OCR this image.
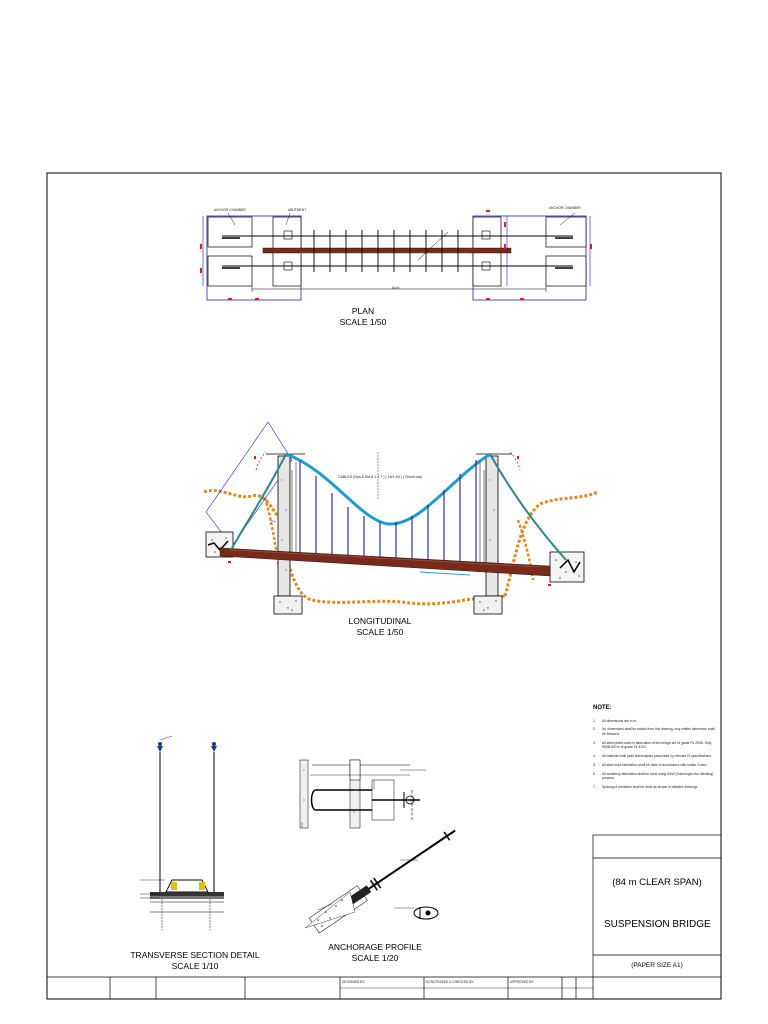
ANCHOR CHAMBER	ABUTMENT	ANCHOR CHAMBER
84 m
CABLES (Nos.8 Dia.8 1 4 T ) ( 16/1.5/t ) ( 20mm dia)
PLAN
SCALE 1/50
LONGITUDINAL
SCALE 1/50
TRANSVERSE SECTION DETAIL
SCALE 1/10
ANCHORAGE PROFILE
SCALE 1/20
NOTE:
1.	All dimensions are in m.
2.	No dimensions shall be scaled from this drawing, only written dimension shall be followed.
3.	All steel plates used in fabrication of this bridge are of grade Fe 250B. Only ISMB 600 is of grade Fe 410C.
4.	All material shall pass test/analysis prescribed by relevant IS specifications.
5.	All steel work fabrication shall be done in accordance with Indian Codes.
6.	All workshop fabrication shall be done using SAW (Submerged Arc Welding) process.
7.	Splicing of members shall be done as shown in detailed drawings.
(84 m CLEAR SPAN)
SUSPENSION BRIDGE
(PAPER SIZE A1)
DESIGNED BY:	SCRUTINIZED & CHECKED BY:	APPROVED BY:
